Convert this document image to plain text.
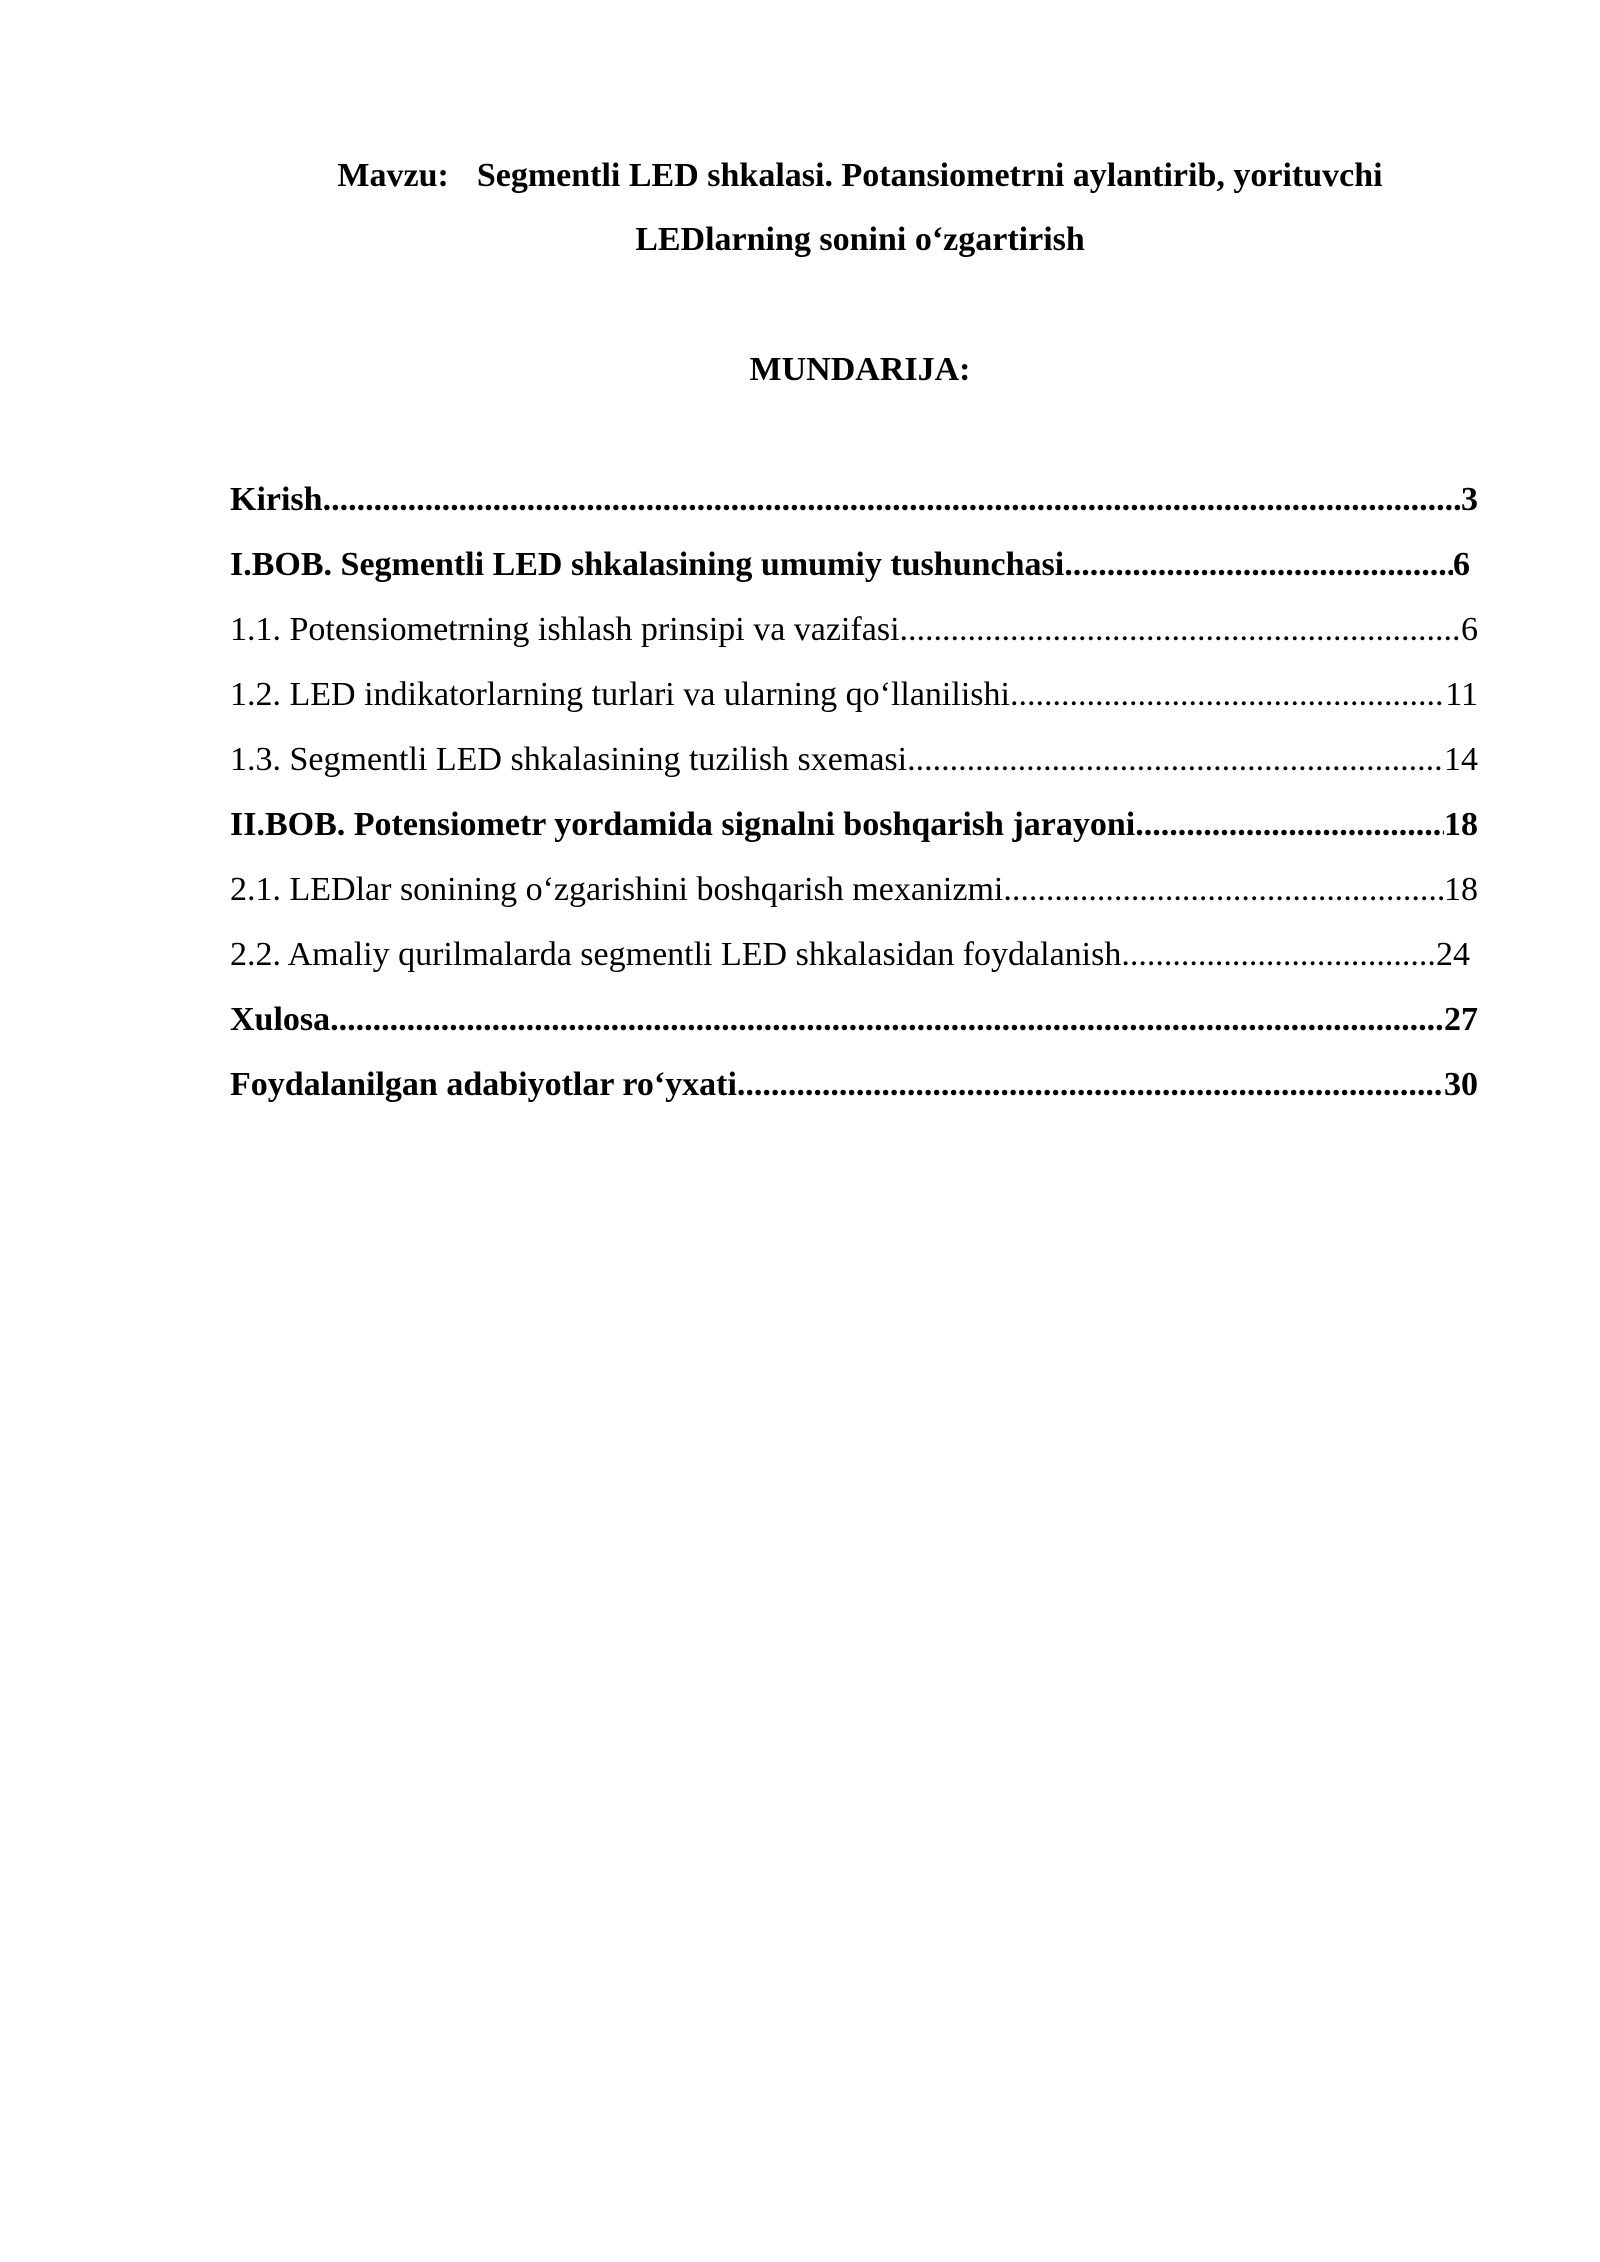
Mavzu: Segmentli LED shkalasi. Potansiometrni aylantirib, yorituvchi
LEDlarning sonini o‘zgartirish
MUNDARIJA:
Kirish .....	3
I.BOB. Segmentli LED shkalasining umumiy tushunchasi .....	6
1.1. Potensiometrning ishlash prinsipi va vazifasi .....	6
1.2. LED indikatorlarning turlari va ularning qo‘llanilishi .....	11
1.3. Segmentli LED shkalasining tuzilish sxemasi .....	14
II.BOB. Potensiometr yordamida signalni boshqarish jarayoni .....	18
2.1. LEDlar sonining o‘zgarishini boshqarish mexanizmi .....	18
2.2. Amaliy qurilmalarda segmentli LED shkalasidan foydalanish .....	24
Xulosa .....	27
Foydalanilgan adabiyotlar ro‘yxati .....	30
